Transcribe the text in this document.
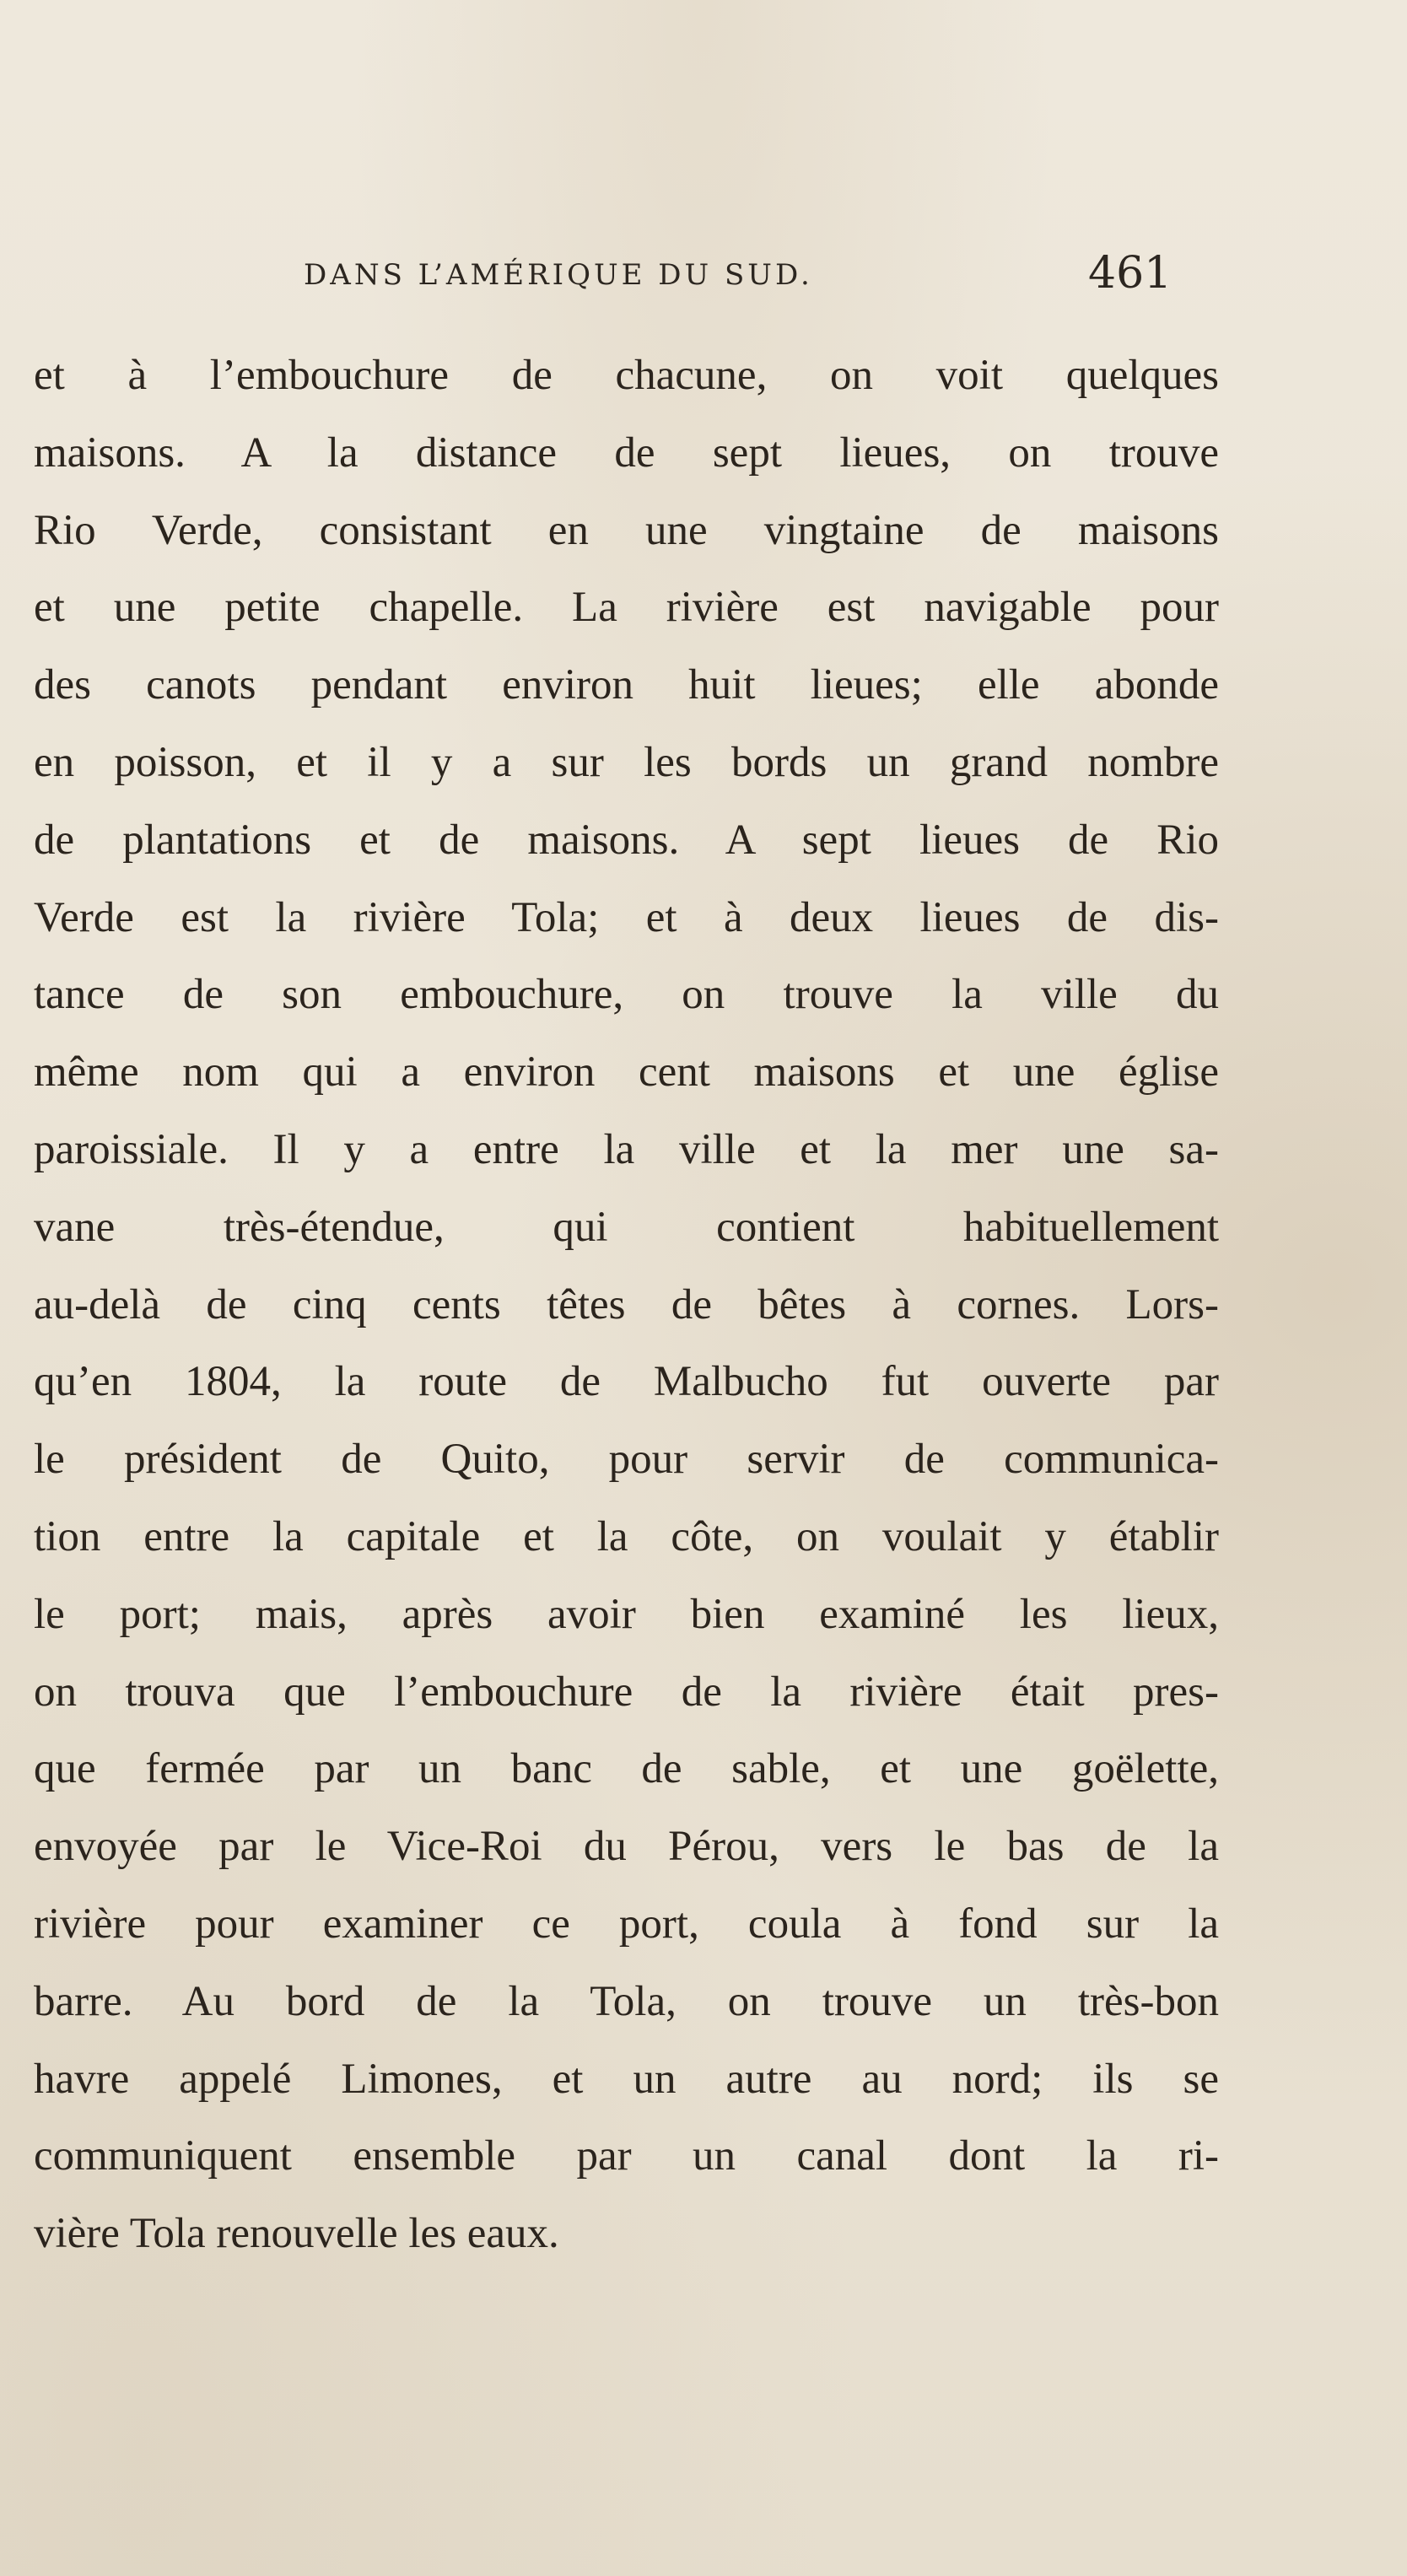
DANS L’AMÉRIQUE DU SUD.	461
et à l’embouchure de chacune, on voit quelques
maisons. A la distance de sept lieues, on trouve
Rio Verde, consistant en une vingtaine de maisons
et une petite chapelle. La rivière est navigable pour
des canots pendant environ huit lieues; elle abonde
en poisson, et il y a sur les bords un grand nombre
de plantations et de maisons. A sept lieues de Rio
Verde est la rivière Tola; et à deux lieues de dis-
tance de son embouchure, on trouve la ville du
même nom qui a environ cent maisons et une église
paroissiale. Il y a entre la ville et la mer une sa-
vane très-étendue, qui contient habituellement
au-delà de cinq cents têtes de bêtes à cornes. Lors-
qu’en 1804, la route de Malbucho fut ouverte par
le président de Quito, pour servir de communica-
tion entre la capitale et la côte, on voulait y établir
le port; mais, après avoir bien examiné les lieux,
on trouva que l’embouchure de la rivière était pres-
que fermée par un banc de sable, et une goëlette,
envoyée par le Vice-Roi du Pérou, vers le bas de la
rivière pour examiner ce port, coula à fond sur la
barre. Au bord de la Tola, on trouve un très-bon
havre appelé Limones, et un autre au nord; ils se
communiquent ensemble par un canal dont la ri-
vière Tola renouvelle les eaux.
